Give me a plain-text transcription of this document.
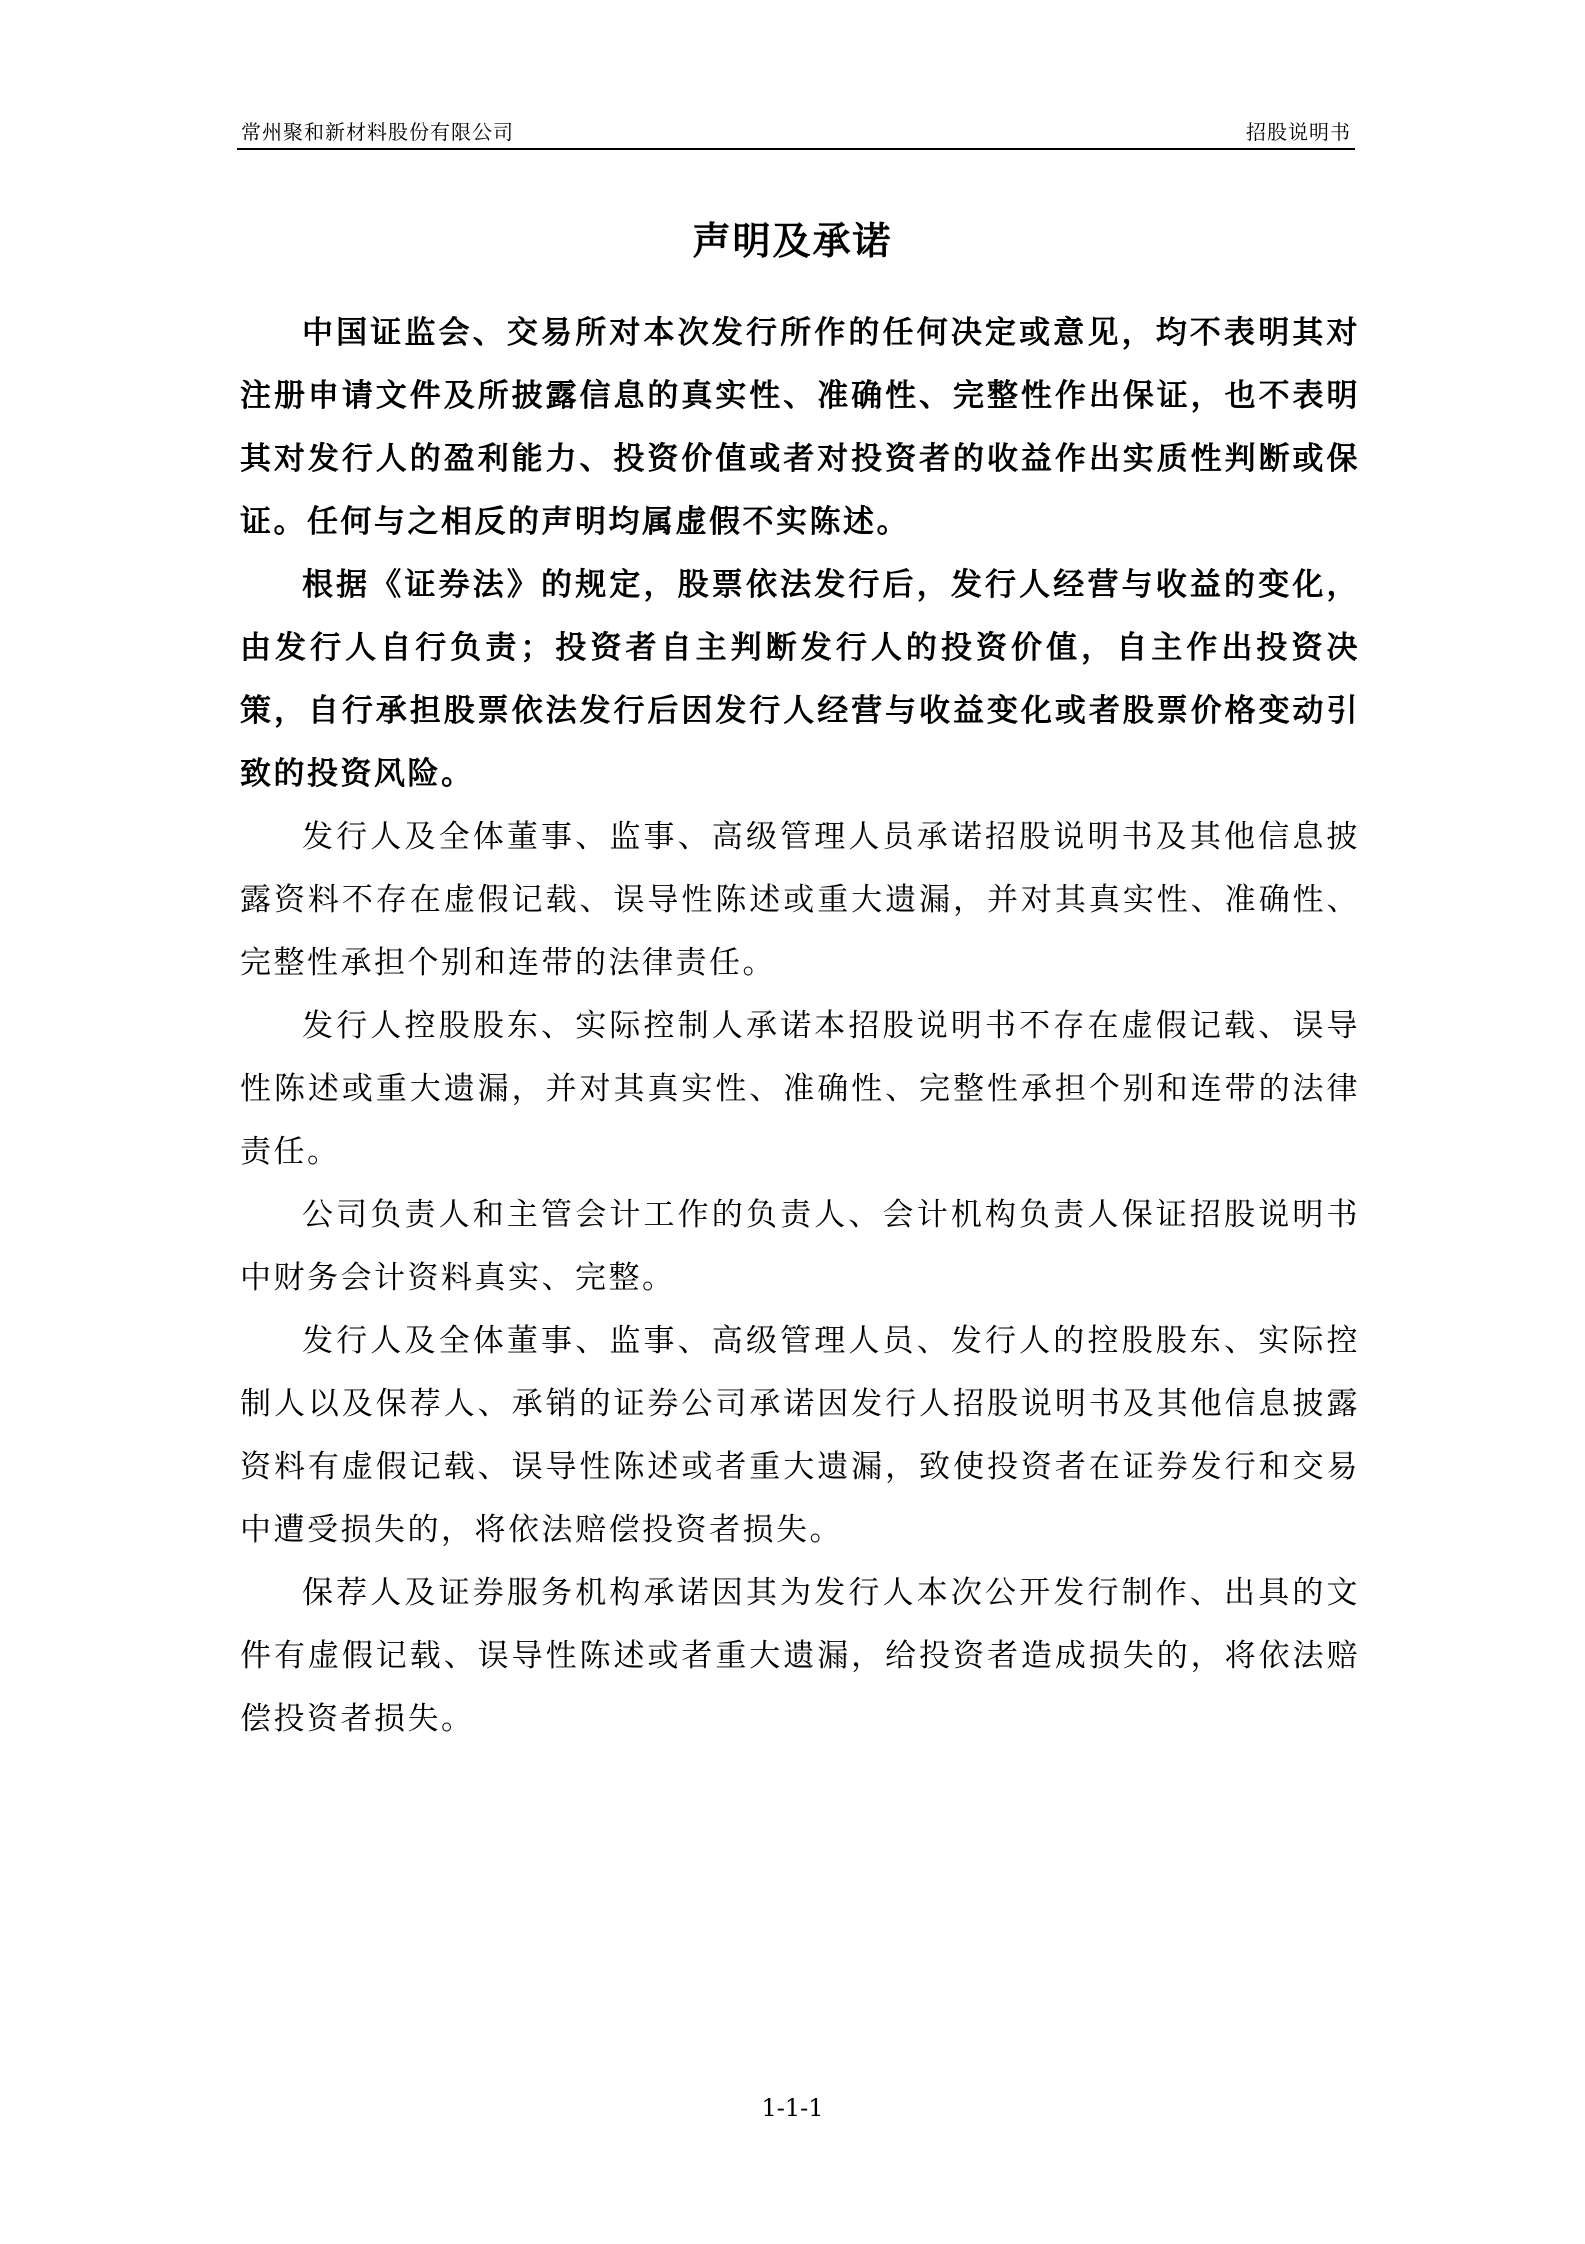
常州聚和新材料股份有限公司	招股说明书
声明及承诺

中国证监会、交易所对本次发行所作的任何决定或意见，均不表明其对注册申请文件及所披露信息的真实性、准确性、完整性作出保证，也不表明其对发行人的盈利能力、投资价值或者对投资者的收益作出实质性判断或保证。任何与之相反的声明均属虚假不实陈述。

根据《证券法》的规定，股票依法发行后，发行人经营与收益的变化，由发行人自行负责；投资者自主判断发行人的投资价值，自主作出投资决策，自行承担股票依法发行后因发行人经营与收益变化或者股票价格变动引致的投资风险。

发行人及全体董事、监事、高级管理人员承诺招股说明书及其他信息披露资料不存在虚假记载、误导性陈述或重大遗漏，并对其真实性、准确性、完整性承担个别和连带的法律责任。

发行人控股股东、实际控制人承诺本招股说明书不存在虚假记载、误导性陈述或重大遗漏，并对其真实性、准确性、完整性承担个别和连带的法律责任。

公司负责人和主管会计工作的负责人、会计机构负责人保证招股说明书中财务会计资料真实、完整。

发行人及全体董事、监事、高级管理人员、发行人的控股股东、实际控制人以及保荐人、承销的证券公司承诺因发行人招股说明书及其他信息披露资料有虚假记载、误导性陈述或者重大遗漏，致使投资者在证券发行和交易中遭受损失的，将依法赔偿投资者损失。

保荐人及证券服务机构承诺因其为发行人本次公开发行制作、出具的文件有虚假记载、误导性陈述或者重大遗漏，给投资者造成损失的，将依法赔偿投资者损失。

1-1-1
